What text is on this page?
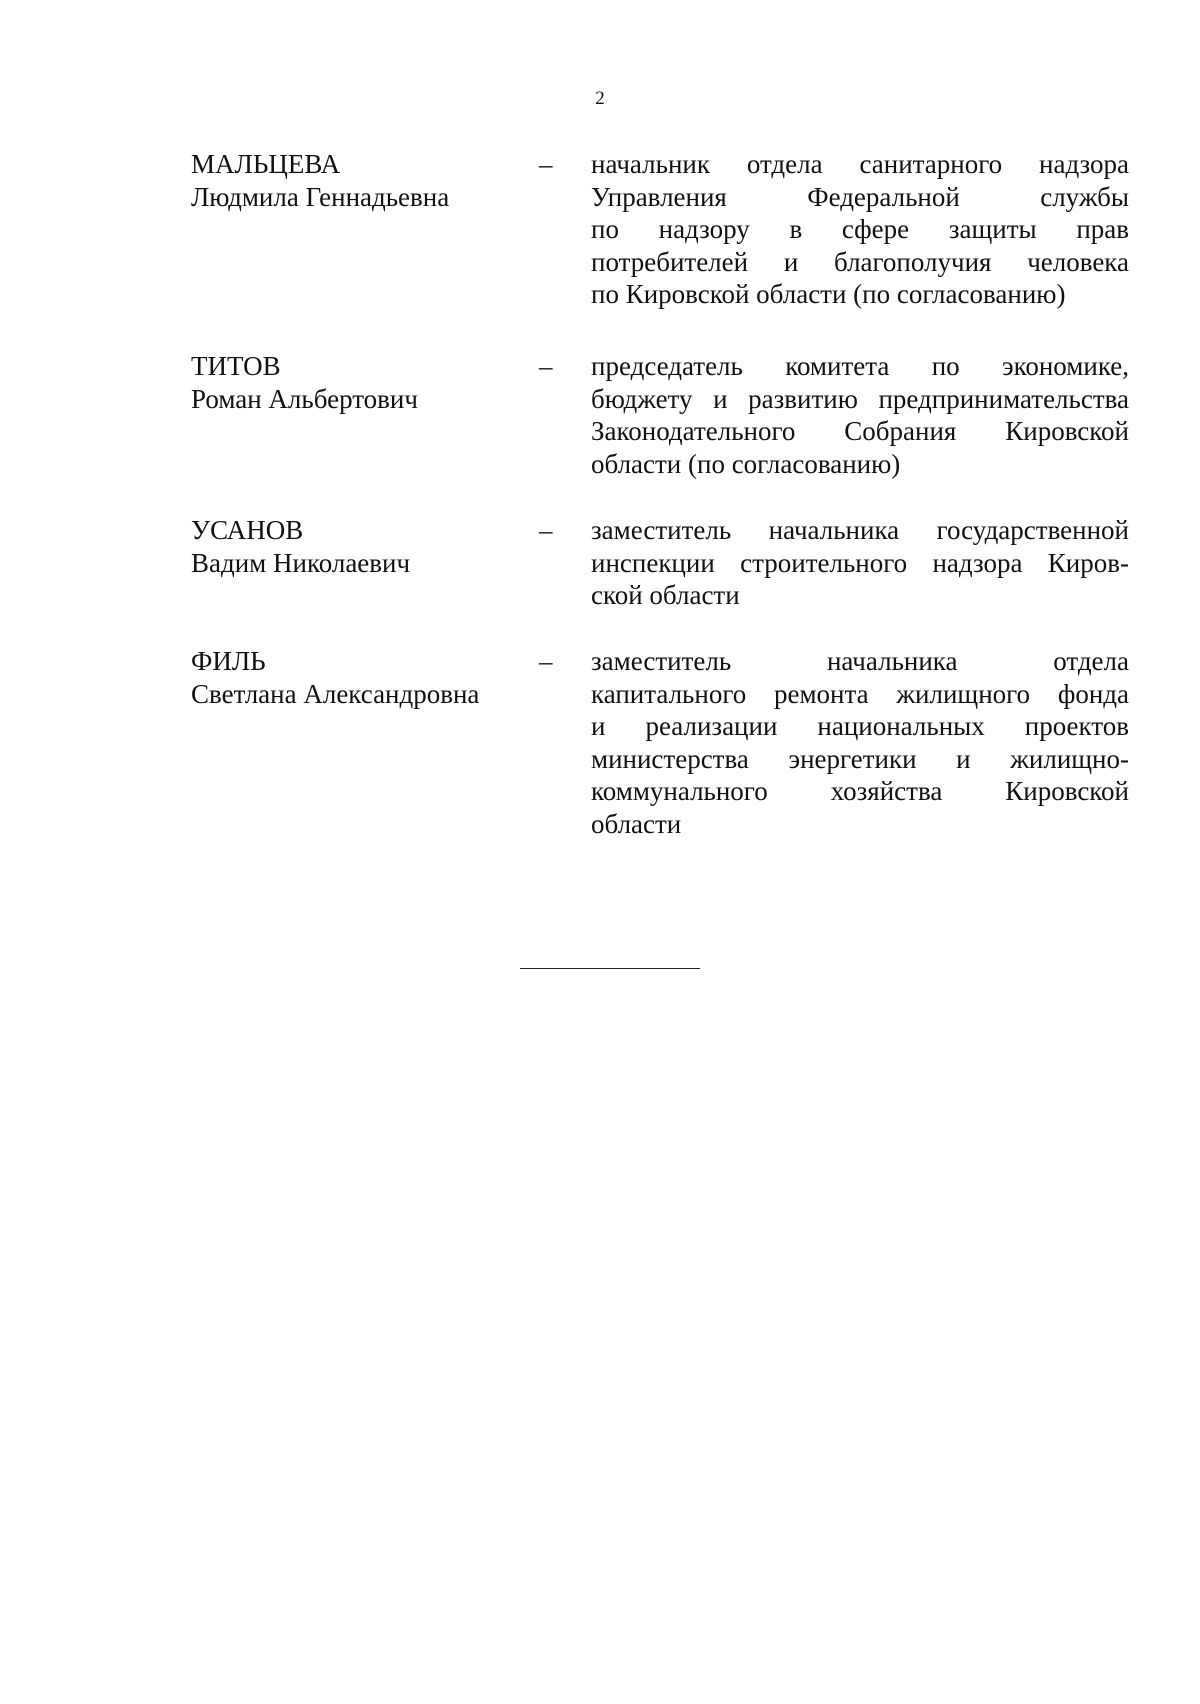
2
МАЛЬЦЕВА
Людмила Геннадьевна
– начальник отдела санитарного надзора
Управления Федеральной службы
по надзору в сфере защиты прав
потребителей и благополучия человека
по Кировской области (по согласованию)
ТИТОВ
Роман Альбертович
– председатель комитета по экономике,
бюджету и развитию предпринимательства
Законодательного Собрания Кировской
области (по согласованию)
УСАНОВ
Вадим Николаевич
– заместитель начальника государственной
инспекции строительного надзора Киров-
ской области
ФИЛЬ
Светлана Александровна
– заместитель начальника отдела
капитального ремонта жилищного фонда
и реализации национальных проектов
министерства энергетики и жилищно-
коммунального хозяйства Кировской
области
